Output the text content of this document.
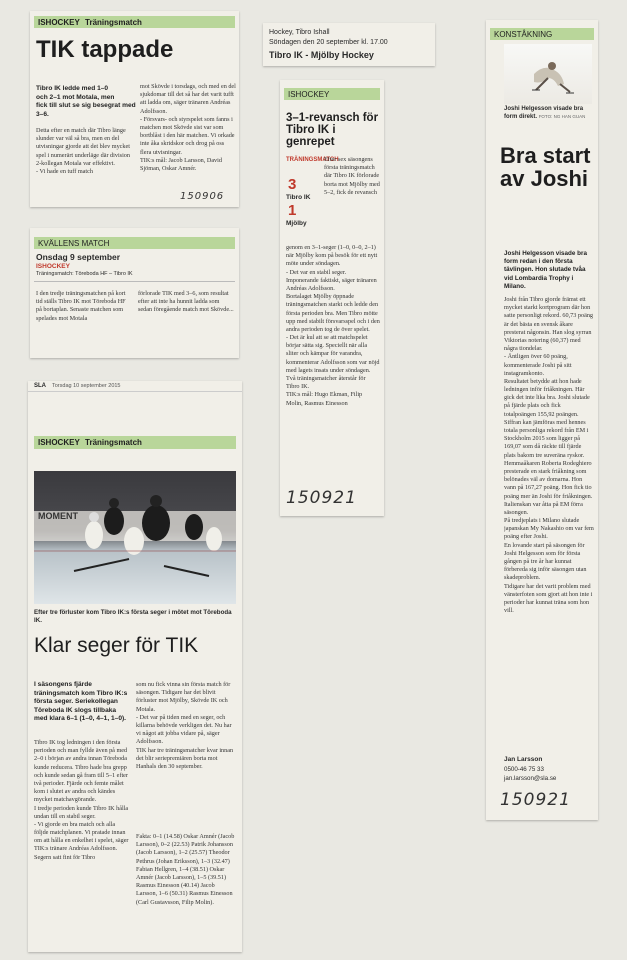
ISHOCKEY Träningsmatch
TIK tappade
Tibro IK ledde med 1–0
och 2–1 mot Motala, men
fick till slut se sig besegrat med 3–6.
Detta efter en match där Tibro länge slunder var väl så bra, men en del utvisningar gjorde att det blev mycket spel i numerärt underläge där division 2-kollegan Motala var effektivt.
- Vi hade en tuff match
mot Skövde i torsdags, och med en del sjukdomar till det så har det varit tufft att ladda om, säger tränaren Andréas Adolfsson.
- Försvars- och styrspelet som fanns i matchen mot Skövde sist var som bortblåst i den här matchen. Vi orkade inte åka skridskor och drog på oss flera utvisningar.
TIK:s mål: Jacob Larsson, David Sjöman, Oskar Amnér.
150906
KVÄLLENS MATCH
Onsdag 9 september
ISHOCKEY
Träningsmatch: Töreboda HF – Tibro IK
I den tredje träningsmatchen på kort tid ställs Tibro IK mot Töreboda HF på bortaplan. Senaste matchen som spelades mot Motala
förlorade TIK med 3–6, som resultat efter att inte ha hunnit ladda som sedan föregående match mot Skövde...
Hockey, Tibro Ishall
Söndagen den 20 september kl. 17.00
Tibro IK - Mjölby Hockey
ISHOCKEY
3–1-revansch för Tibro IK i genrepet
TRÄNINGSMATCH
3
Tibro IK
1
Mjölby
Efter sex säsongens första träningsmatch där Tibro IK förlorade borta mot Mjölby med 5–2, fick de revansch
genom en 3–1-seger (1–0, 0–0, 2–1) när Mjölby kom på besök för ett nytt möte under söndagen.
- Det var en stabil seger. Imponerande faktiskt, säger tränaren Andréas Adolfsson.
Bortalaget Mjölby öppnade träningsmatchen starkt och ledde den första perioden bra. Men Tibro mötte upp med stabilt försvarsspel och i den andra perioden tog de över spelet.
- Det är kul att se att matchspelet börjar sätta sig. Speciellt när alla sliter och kämpar för varandra, kommenterar Adolfsson som var nöjd med lagets insats under söndagen.
Två träningsmatcher återstår för Tibro IK.
TIK:s mål: Hugo Ekman, Filip Molin, Rasmus Einesson
150921
KONSTÅKNING
Joshi Helgesson visade bra form direkt. FOTO: NG HAN GUAN
Bra start av Joshi
Joshi Helgesson visade bra form redan i den första tävlingen. Hon slutade tvåa vid Lombardia Trophy i Milano.
Joshi från Tibro gjorde främst ett mycket starkt kortprogram där hon satte personligt rekord. 60,73 poäng är det bästa en svensk åkare presterat någonsin. Han slog syrran Viktorias notering (60,37) med några tiondelar.
- Äntligen över 60 poäng, kommenterade Joshi på sitt instagramkonto.
Resultatet betydde att hon hade ledningen inför friåkningen. Här gick det inte lika bra. Joshi slutade på fjärde plats och fick totalpoängen 155,92 poängen.
Siffran kan jämföras med hennes totala personliga rekord från EM i Stockholm 2015 som ligger på 169,07 som då räckte till fjärde plats bakom tre suveräna ryskor.
Hemmaåkaren Roberta Rodeghiero presterade en stark friåkning som belönades väl av domarna. Hon vann på 167,27 poäng. Hon fick tio poäng mer än Joshi för friåkningen. Italienskan var åtta på EM förra säsongen.
På tredjeplats i Milano slutade japanskan My Nakashio om var fem poäng efter Joshi.
En lovande start på säsongen för Joshi Helgesson som för första gången på tre år har kunnat förbereda sig inför säsongen utan skadeproblem.
Tidigare har det varit problem med vänsterfoten som gjort att hon inte i perioder har kunnat träna som hon vill.
Jan Larsson
0500-46 75 33
jan.larsson@sla.se
150921
SLA Torsdag 10 september 2015
ISHOCKEY Träningsmatch
MOMENT
Efter tre förluster kom Tibro IK:s första seger i mötet mot Töreboda IK.
Klar seger för TIK
I säsongens fjärde träningsmatch kom Tibro IK:s första seger. Seriekollegan Töreboda IK slogs tillbaka med klara 6–1 (1–0, 4–1, 1–0).
Tibro IK tog ledningen i den första perioden och man fyllde även på med 2–0 i början av andra innan Töreboda kunde reducera. Tibro hade bra grepp och kunde sedan gå fram till 5–1 efter två perioder. Fjärde och femte målet kom i slutet av andra och kändes mycket matchavgörande.
I tredje perioden kunde Tibro IK hålla undan till en stabil seger.
- Vi gjorde en bra match och alla följde matchplanen. Vi pratade innan om att hålla en enkelhet i spelet, säger TIK:s tränare Andréas Adolfsson.
Segern satt fint för Tibro
som nu fick vinna sin första match för säsongen. Tidigare har det blivit förluster mot Mjölby, Skövde IK och Motala.
- Det var på tiden med en seger, och killarna behövde verkligen det. Nu har vi något att jobba vidare på, säger Adolfsson.
TIK har tre träningsmatcher kvar innan det blir seriepremiären borta mot Hanhals den 30 september.
Fakta: 0–1 (14.58) Oskar Amnér (Jacob Larsson), 0–2 (22.53) Patrik Johansson (Jacob Larsson), 1–2 (25.57) Theodor Pethrus (Johan Eriksson), 1–3 (32.47) Fabian Hellgren, 1–4 (38.51) Oskar Amnér (Jacob Larsson), 1–5 (39.51) Rasmus Einesson (40.14) Jacob Larsson, 1–6 (50.31) Rasmus Einesson (Carl Gustavsson, Filip Molin).
